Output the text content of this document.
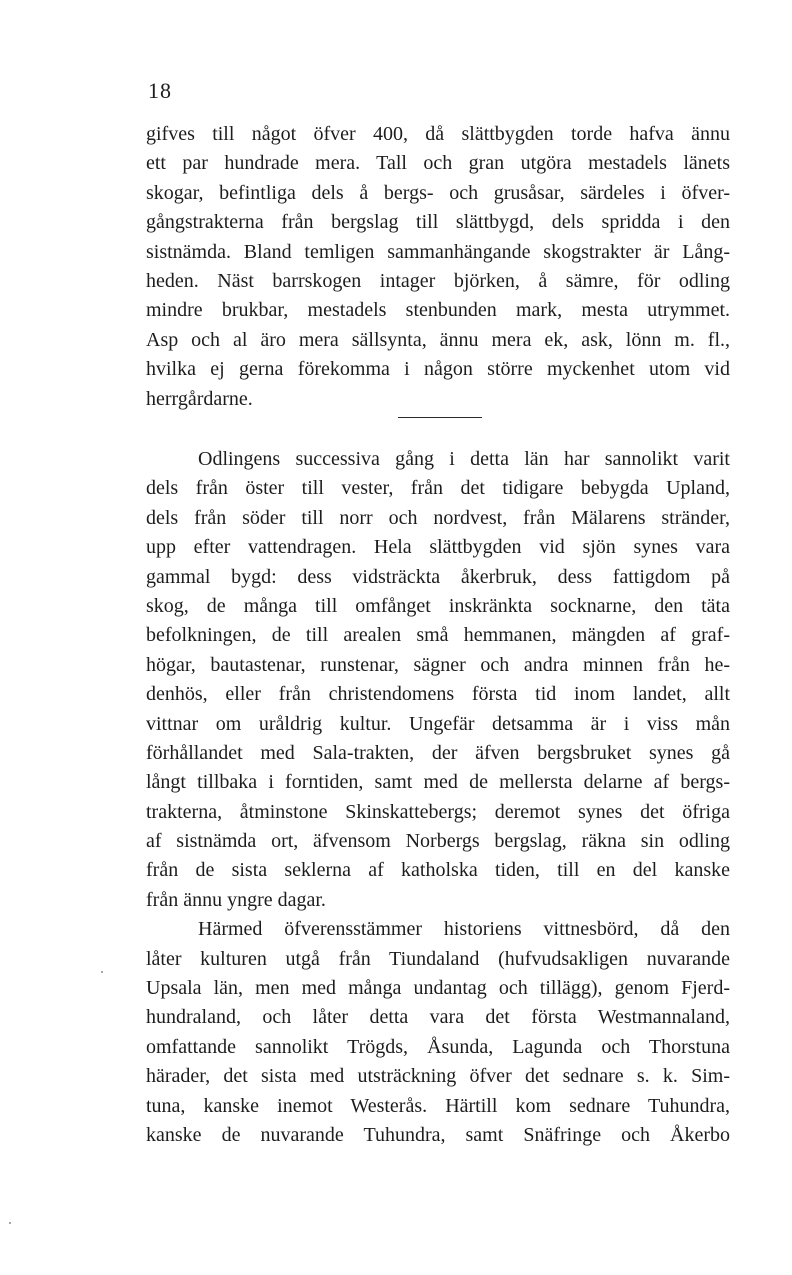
18
gifves till något öfver 400, då slättbygden torde hafva ännu
ett par hundrade mera. Tall och gran utgöra mestadels länets
skogar, befintliga dels å bergs- och grusåsar, särdeles i öfver-
gångstrakterna från bergslag till slättbygd, dels spridda i den
sistnämda. Bland temligen sammanhängande skogstrakter är Lång-
heden. Näst barrskogen intager björken, å sämre, för odling
mindre brukbar, mestadels stenbunden mark, mesta utrymmet.
Asp och al äro mera sällsynta, ännu mera ek, ask, lönn m. fl.,
hvilka ej gerna förekomma i någon större myckenhet utom vid
herrgårdarne.
Odlingens successiva gång i detta län har sannolikt varit
dels från öster till vester, från det tidigare bebygda Upland,
dels från söder till norr och nordvest, från Mälarens stränder,
upp efter vattendragen. Hela slättbygden vid sjön synes vara
gammal bygd: dess vidsträckta åkerbruk, dess fattigdom på
skog, de många till omfånget inskränkta socknarne, den täta
befolkningen, de till arealen små hemmanen, mängden af graf-
högar, bautastenar, runstenar, sägner och andra minnen från he-
denhös, eller från christendomens första tid inom landet, allt
vittnar om uråldrig kultur. Ungefär detsamma är i viss mån
förhållandet med Sala-trakten, der äfven bergsbruket synes gå
långt tillbaka i forntiden, samt med de mellersta delarne af bergs-
trakterna, åtminstone Skinskattebergs; deremot synes det öfriga
af sistnämda ort, äfvensom Norbergs bergslag, räkna sin odling
från de sista seklerna af katholska tiden, till en del kanske
från ännu yngre dagar.
Härmed öfverensstämmer historiens vittnesbörd, då den
låter kulturen utgå från Tiundaland (hufvudsakligen nuvarande
Upsala län, men med många undantag och tillägg), genom Fjerd-
hundraland, och låter detta vara det första Westmannaland,
omfattande sannolikt Trögds, Åsunda, Lagunda och Thorstuna
härader, det sista med utsträckning öfver det sednare s. k. Sim-
tuna, kanske inemot Westerås. Härtill kom sednare Tuhundra,
kanske de nuvarande Tuhundra, samt Snäfringe och Åkerbo
